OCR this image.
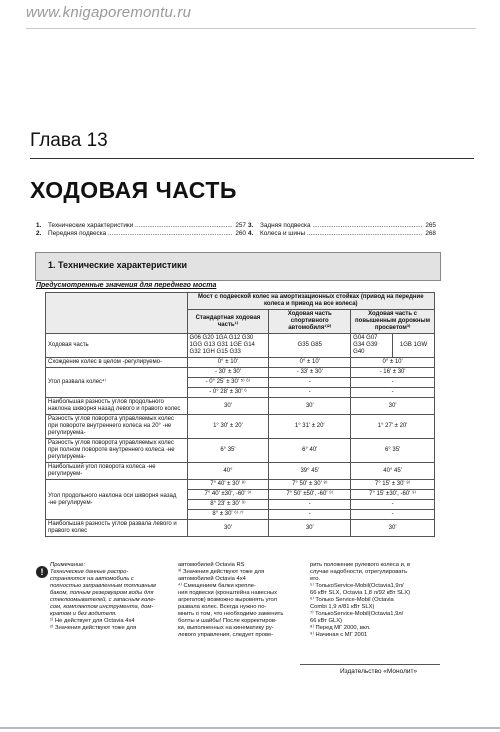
www.knigaporemontu.ru
Глава 13
ХОДОВАЯ ЧАСТЬ
1.	Технические характеристики .....	257
2.	Передняя подвеска .....	260
3.	Задняя подвеска .....	265
4.	Колеса и шины .....	268
1. Технические характеристики
Предусмотренные значения для переднего моста
	Мост с подвеской колес на амортизационных стойках (привод на передние колеса и привод на все колеса)			
	Стандартная ходовая часть¹⁾	Ходовая часть спортивного автомобиля¹⁾²⁾	Ходовая часть с повышенным дорожным просветом³⁾	
Ходовая часть	G06 G20 1GA G12 G30 1GG G13 G31 1GE G14 G32 1GH G15 G33	G35 G85	G04 G07 G34 G39 G40	1GB 1GW
Схождение колес в целом -регулируемо-	0° ± 10'	0° ± 10'	0° ± 10'	
Угол развала колес⁴⁾	- 30' ± 30'	- 33' ± 30'	- 16' ± 30'	
	- 0° 25' ± 30' ⁵⁾ ⁶⁾	-	-	
	- 0° 28' ± 30' ⁶	-	-	
Наибольшая разность углов продольного наклона шкворня назад левого и правого колес	30'	30'	30'	
Разность углов поворота управляемых колес при повороте внутреннего колеса на 20° -не регулируема-	1° 30' ± 20'	1° 31' ± 20'	1° 27' ± 20'	
Разность углов поворота управляемых колес при полном повороте внутреннего колеса -не регулируема-	6° 35'	6° 40'	6° 35'	
Наибольший угол поворота колеса -не регулируем-	40°	39° 45'	40° 45'	
Угол продольного наклона оси шкворня назад -не регулируем-	7° 40' ± 30' ⁸⁾	7° 50' ± 30' ⁸⁾	7° 15' ± 30' ⁸⁾	
	7° 40' ±30', -60' ⁹⁾	7° 50' ±50', -60' ⁹⁾	7° 15' ±30', -60' ⁹⁾	
	8° 23' ± 30' ⁹⁾	-	-	
	8° ± 30' ⁶⁾ ⁷⁾	-	-	
Наибольшая разность углов развала левого и правого колес	30'	30'	30'	
!

Примечание:

Технические данные распро-

страняются на автомобиль с

полностью заправленным топливным

баком, полным резервуаром воды для

стеклоомывателей, с запасным коле-

сом, комплектом инструмента, дом-

кратом и без водителя.

¹⁾ Не действует для Octavia 4x4

²⁾ Значения действуют тоже для

автомобилей Octavia RS

³⁾ Значения действуют тоже для

автомобилей Octavia 4x4

⁴⁾ Смещением балки крепле-

ния подвески (кронштейна навесных

агрегатов) возможно выровнять угол

развала колес. Всегда нужно по-

мнить о том, что необходимо заменить

болты и шайбы! После корректиров-

ки, выполненных на кинематику ру-

левого управления, следует прове-

рить положение рулевого колеса и, в

случае надобности, отрегулировать

его.

⁵⁾ ТолькоService-Mobil(Octavia1,9л/

66 кВт SLX, Octavia 1,8 л/92 кВт SLX)

⁶⁾ Только Service-Mobil (Octavia

Combi 1,9 л/81 кВт SLX)

⁷⁾ ТолькоService-Mobil(Octavia1,9л/

66 кВт GLX)

⁸⁾ Перед МГ 2000, вкл.

⁹⁾ Начиная с МГ 2001

Издательство «Монолит»
